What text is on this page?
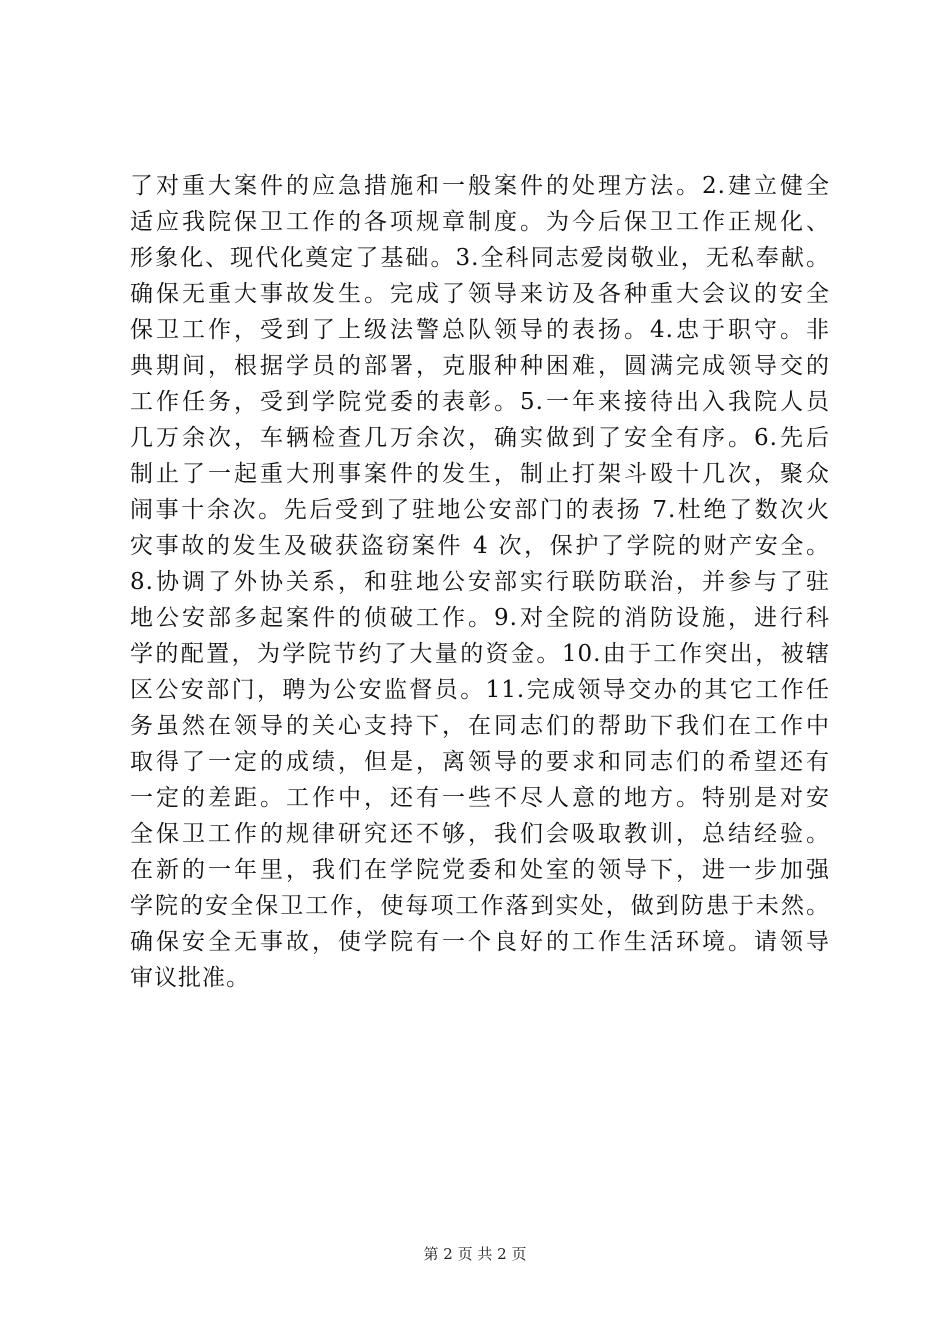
了对重大案件的应急措施和一般案件的处理方法。2.建立健全
适应我院保卫工作的各项规章制度。为今后保卫工作正规化、
形象化、现代化奠定了基础。3.全科同志爱岗敬业，无私奉献。
确保无重大事故发生。完成了领导来访及各种重大会议的安全
保卫工作，受到了上级法警总队领导的表扬。4.忠于职守。非
典期间，根据学员的部署，克服种种困难，圆满完成领导交的
工作任务，受到学院党委的表彰。5.一年来接待出入我院人员
几万余次，车辆检查几万余次，确实做到了安全有序。6.先后
制止了一起重大刑事案件的发生，制止打架斗殴十几次，聚众
闹事十余次。先后受到了驻地公安部门的表扬 7.杜绝了数次火
灾事故的发生及破获盗窃案件 4 次，保护了学院的财产安全。
8.协调了外协关系，和驻地公安部实行联防联治，并参与了驻
地公安部多起案件的侦破工作。9.对全院的消防设施，进行科
学的配置，为学院节约了大量的资金。10.由于工作突出，被辖
区公安部门，聘为公安监督员。11.完成领导交办的其它工作任
务虽然在领导的关心支持下，在同志们的帮助下我们在工作中
取得了一定的成绩，但是，离领导的要求和同志们的希望还有
一定的差距。工作中，还有一些不尽人意的地方。特别是对安
全保卫工作的规律研究还不够，我们会吸取教训，总结经验。
在新的一年里，我们在学院党委和处室的领导下，进一步加强
学院的安全保卫工作，使每项工作落到实处，做到防患于未然。
确保安全无事故，使学院有一个良好的工作生活环境。请领导
审议批准。
第 2 页 共 2 页
